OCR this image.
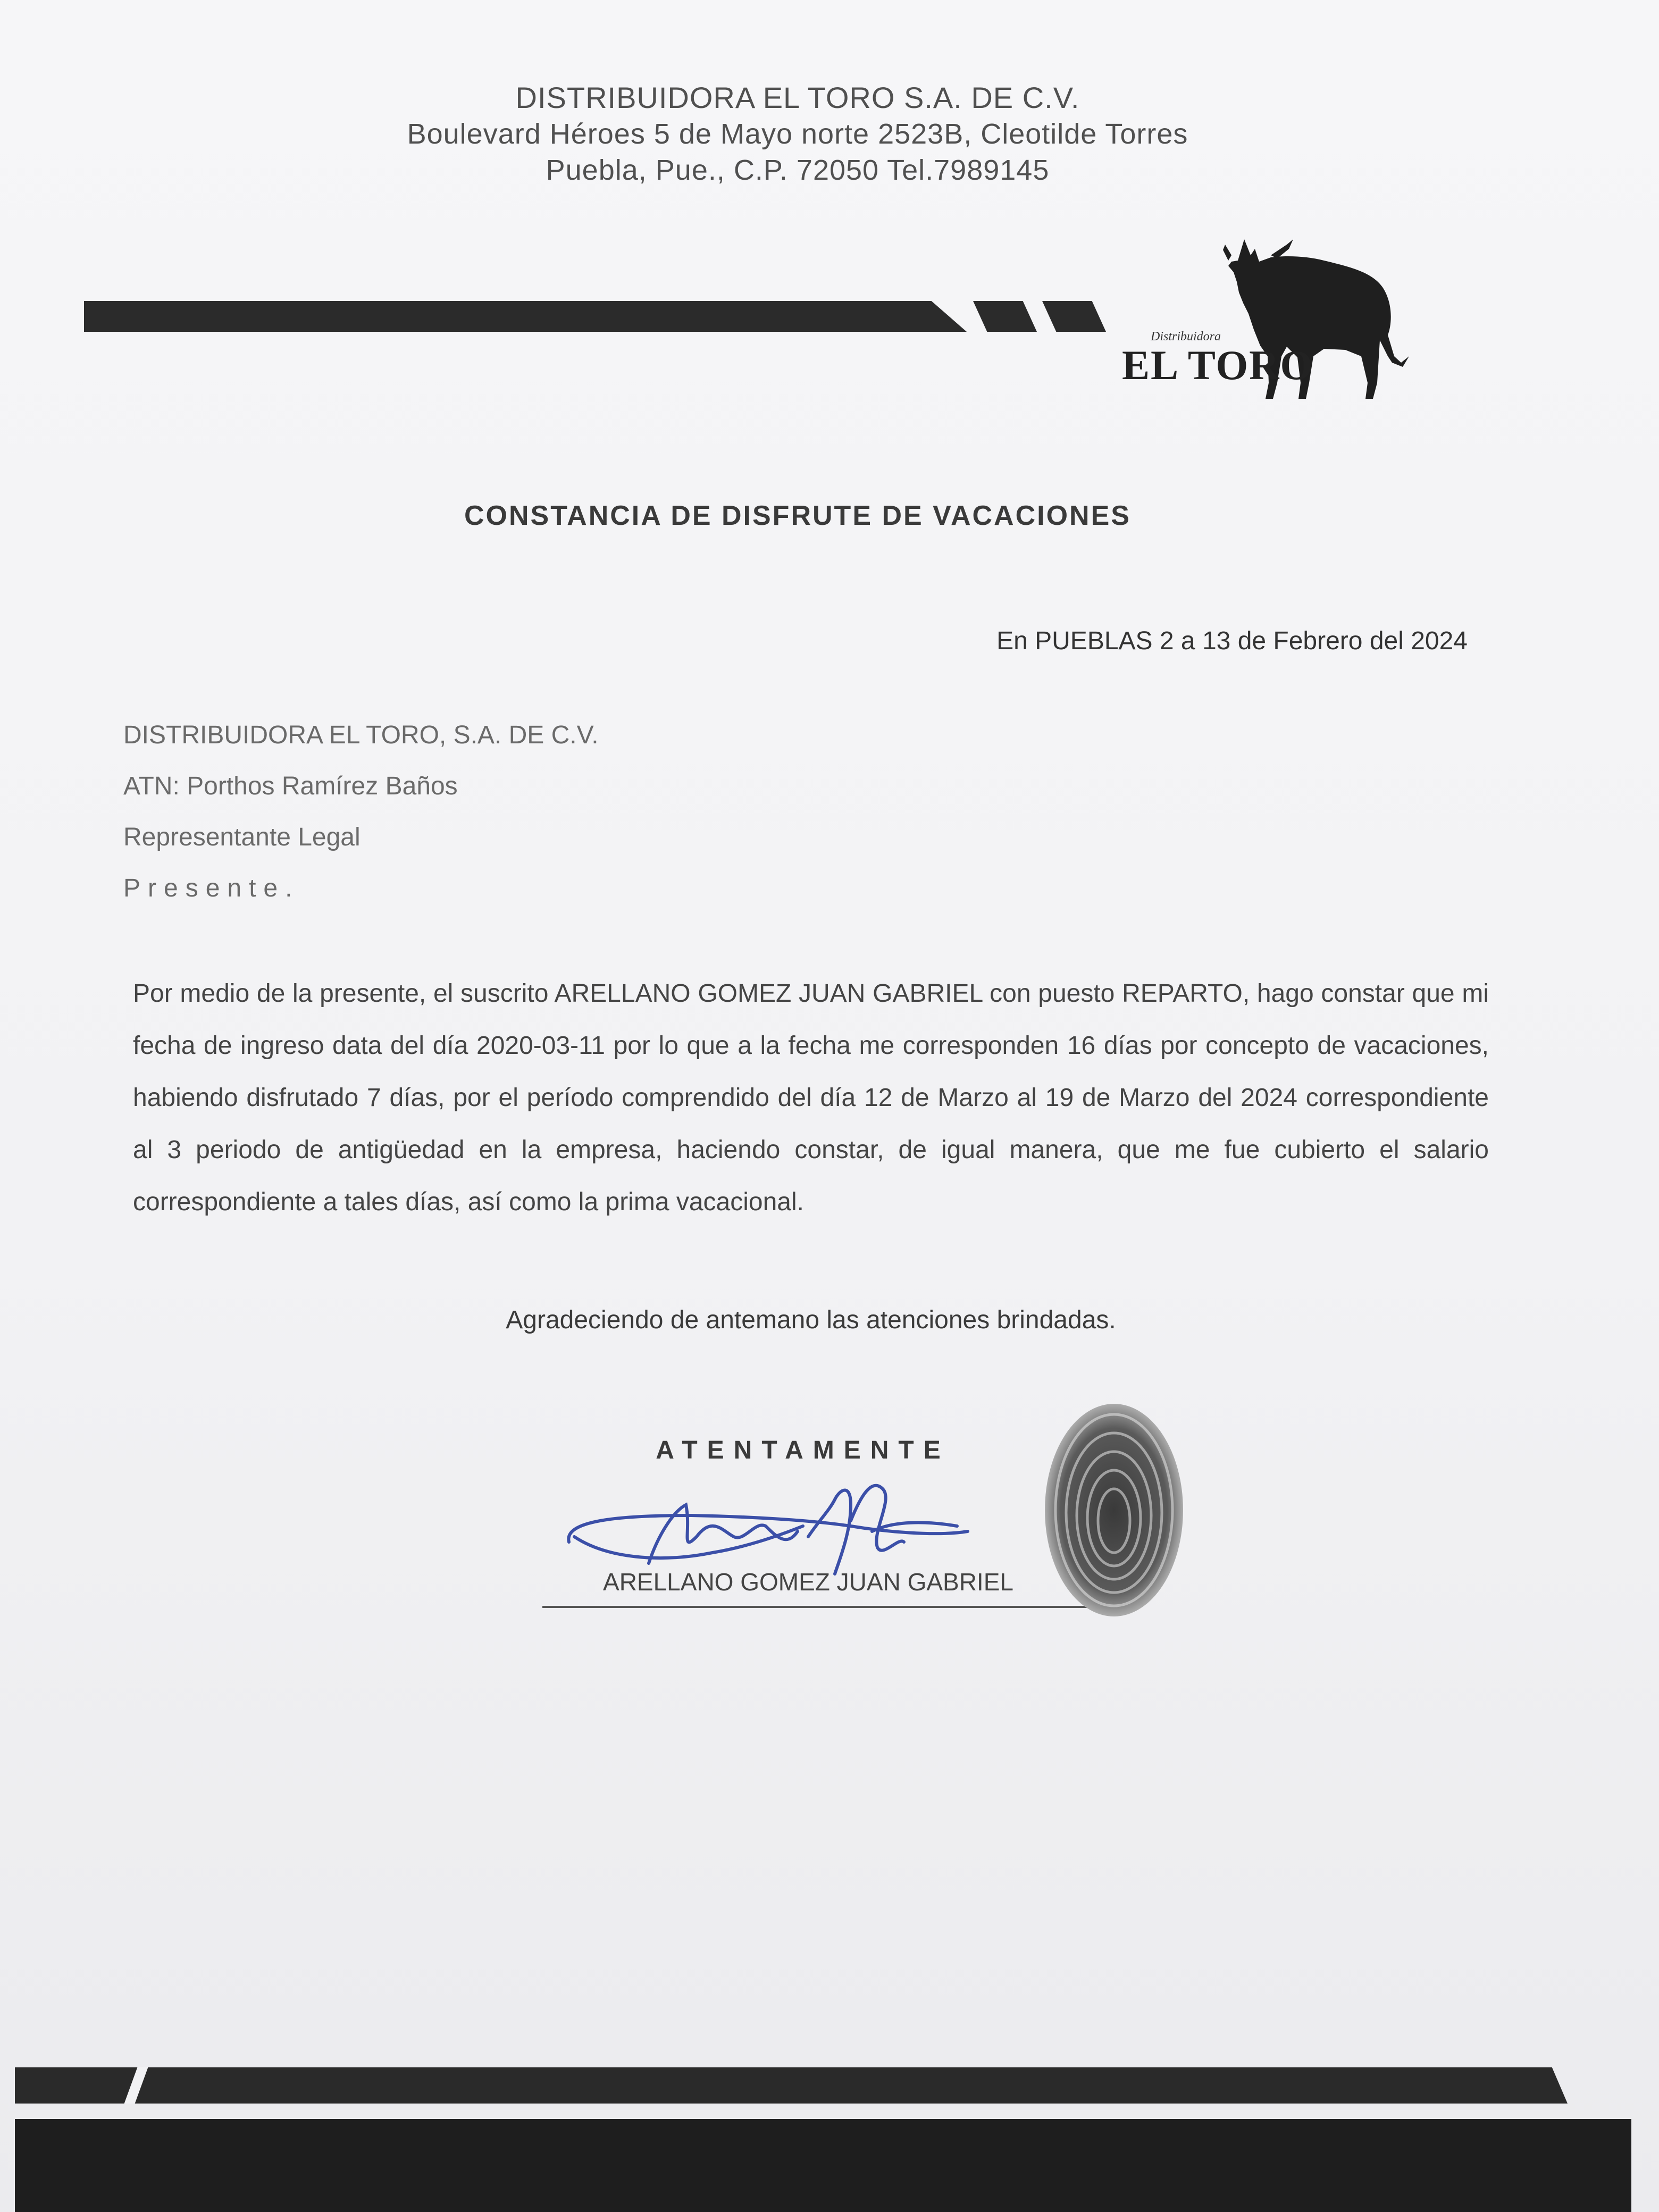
DISTRIBUIDORA EL TORO S.A. DE C.V.
Boulevard Héroes 5 de Mayo norte 2523B, Cleotilde Torres
Puebla, Pue., C.P. 72050 Tel.7989145
Distribuidora
EL TORO
CONSTANCIA DE DISFRUTE DE VACACIONES
En PUEBLAS 2 a 13 de Febrero del 2024
DISTRIBUIDORA EL TORO, S.A. DE C.V.
ATN: Porthos Ramírez Baños
Representante Legal
Presente.
Por medio de la presente, el suscrito ARELLANO GOMEZ JUAN GABRIEL con puesto REPARTO, hago constar que mi fecha de ingreso data del día 2020-03-11 por lo que a la fecha me corresponden 16 días por concepto de vacaciones, habiendo disfrutado 7 días, por el período comprendido del día 12 de Marzo al 19 de Marzo del 2024 correspondiente al 3 periodo de antigüedad en la empresa, haciendo constar, de igual manera, que me fue cubierto el salario correspondiente a tales días, así como la prima vacacional.
Agradeciendo de antemano las atenciones brindadas.
ATENTAMENTE
ARELLANO GOMEZ JUAN GABRIEL
